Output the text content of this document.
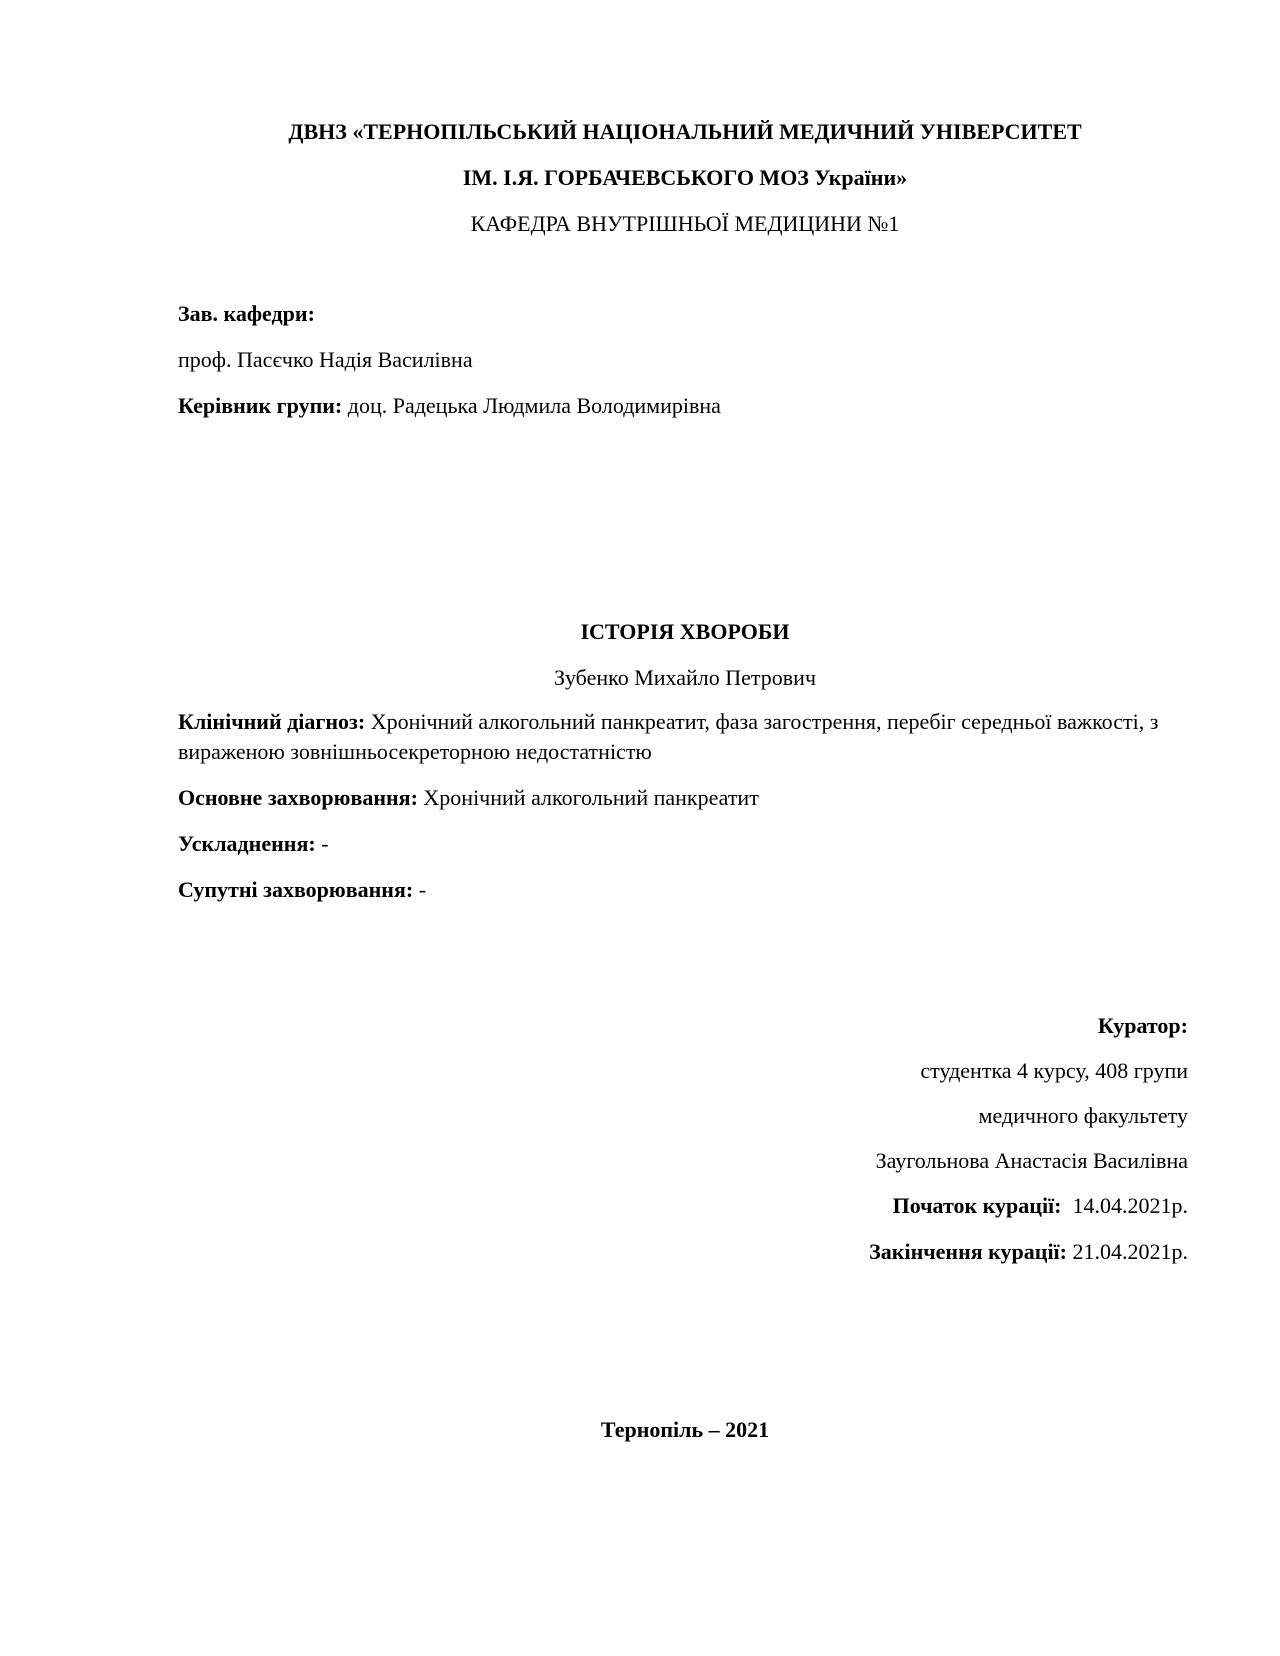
ДВНЗ «ТЕРНОПІЛЬСЬКИЙ НАЦІОНАЛЬНИЙ МЕДИЧНИЙ УНІВЕРСИТЕТ
ІМ. І.Я. ГОРБАЧЕВСЬКОГО МОЗ України»
КАФЕДРА ВНУТРІШНЬОЇ МЕДИЦИНИ №1
Зав. кафедри:
проф. Пасєчко Надія Василівна
Керівник групи: доц. Радецька Людмила Володимирівна
ІСТОРІЯ ХВОРОБИ
Зубенко Михайло Петрович
Клінічний діагноз: Хронічний алкогольний панкреатит, фаза загострення, перебіг середньої важкості, з вираженою зовнішньосекреторною недостатністю
Основне захворювання: Хронічний алкогольний панкреатит
Ускладнення: -
Супутні захворювання: -
Куратор:
студентка 4 курсу, 408 групи
медичного факультету
Заугольнова Анастасія Василівна
Початок курації: 14.04.2021р.
Закінчення курації: 21.04.2021р.
Тернопіль – 2021
